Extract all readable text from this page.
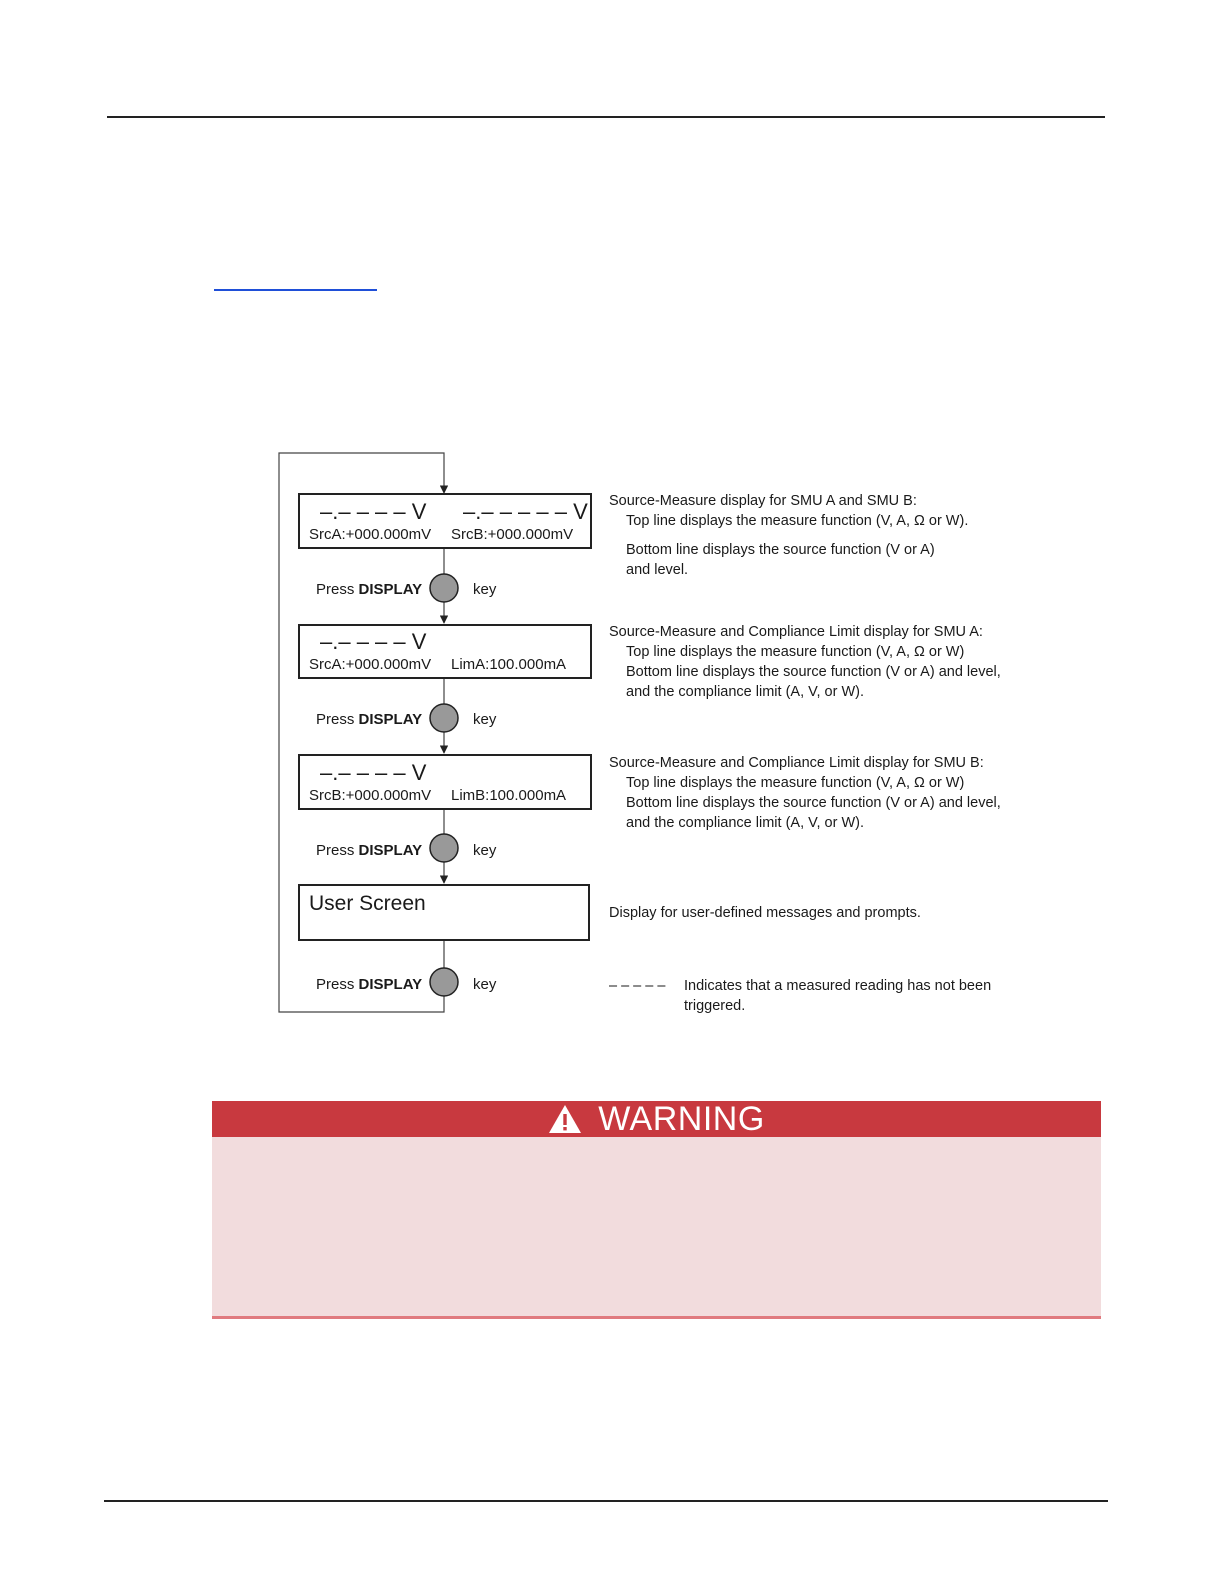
–.– – – – V –.– – – – – V
SrcA:+000.000mV SrcB:+000.000mV
Source-Measure display for SMU A and SMU B:
Top line displays the measure function (V, A, Ω or W).
Bottom line displays the source function (V or A)
and level.
Press DISPLAY	key
–.– – – – V
SrcA:+000.000mV LimA:100.000mA
Source-Measure and Compliance Limit display for SMU A:
Top line displays the measure function (V, A, Ω or W)
Bottom line displays the source function (V or A) and level,
and the compliance limit (A, V, or W).
Press DISPLAY	key
–.– – – – V
SrcB:+000.000mV LimB:100.000mA
Source-Measure and Compliance Limit display for SMU B:
Top line displays the measure function (V, A, Ω or W)
Bottom line displays the source function (V or A) and level,
and the compliance limit (A, V, or W).
Press DISPLAY	key
User Screen	Display for user-defined messages and prompts.
Press DISPLAY	key	– – – – – Indicates that a measured reading has not been
triggered.
WARNING
